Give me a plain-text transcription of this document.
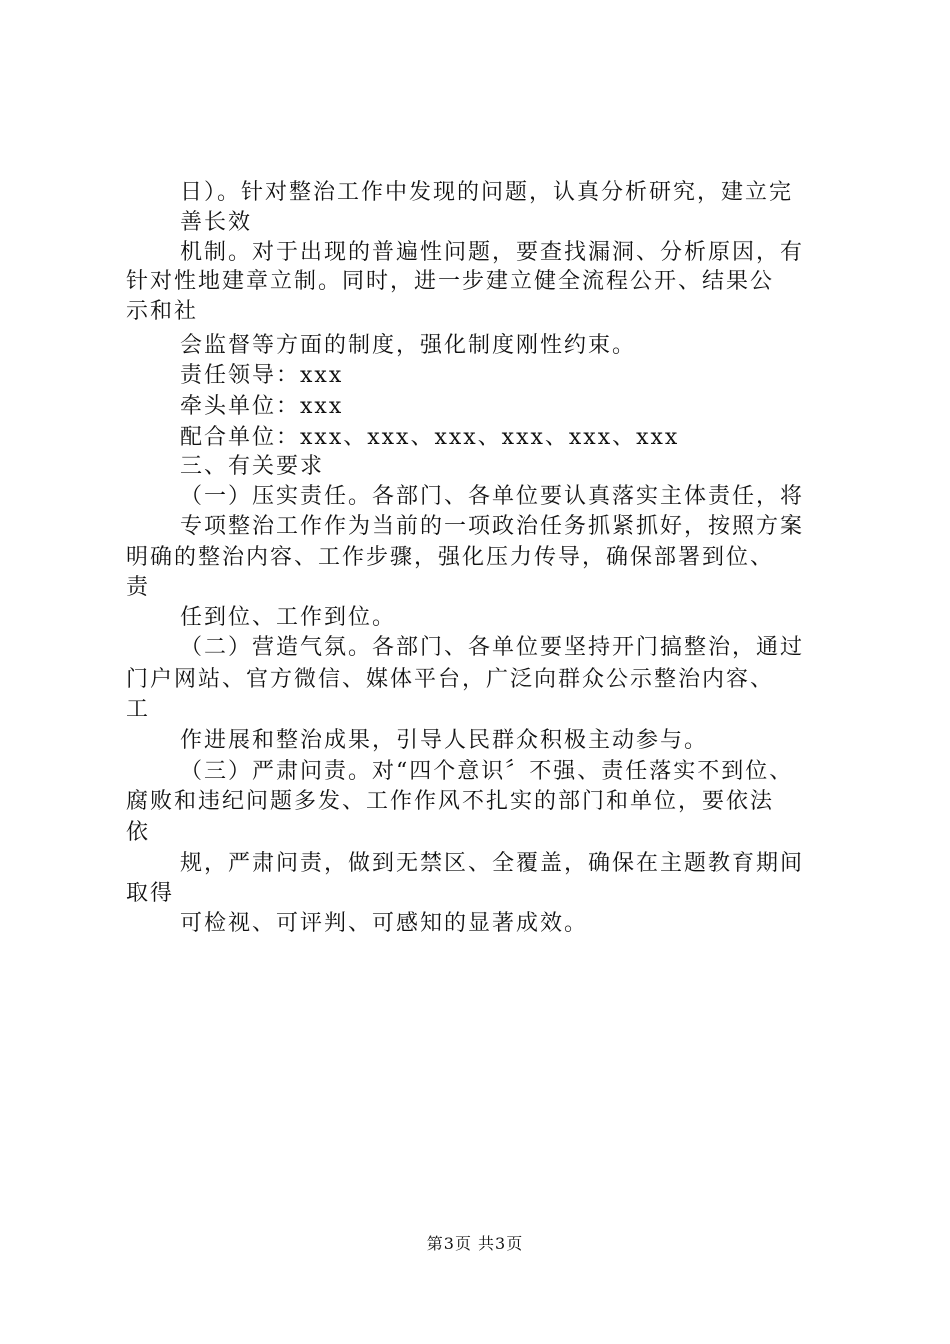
日）。针对整治工作中发现的问题，认真分析研究，建立完
善长效
机制。对于出现的普遍性问题，要查找漏洞、分析原因，有
针对性地建章立制。同时，进一步建立健全流程公开、结果公
示和社
会监督等方面的制度，强化制度刚性约束。
责任领导：xxx
牵头单位：xxx
配合单位：xxx、xxx、xxx、xxx、xxx、xxx
三、有关要求
（一）压实责任。各部门、各单位要认真落实主体责任，将
专项整治工作作为当前的一项政治任务抓紧抓好，按照方案
明确的整治内容、工作步骤，强化压力传导，确保部署到位、
责
任到位、工作到位。
（二）营造气氛。各部门、各单位要坚持开门搞整治，通过
门户网站、官方微信、媒体平台，广泛向群众公示整治内容、
工
作进展和整治成果，引导人民群众积极主动参与。
（三）严肃问责。对“四个意识〞不强、责任落实不到位、
腐败和违纪问题多发、工作作风不扎实的部门和单位，要依法
依
规，严肃问责，做到无禁区、全覆盖，确保在主题教育期间
取得
可检视、可评判、可感知的显著成效。
第3页 共3页
